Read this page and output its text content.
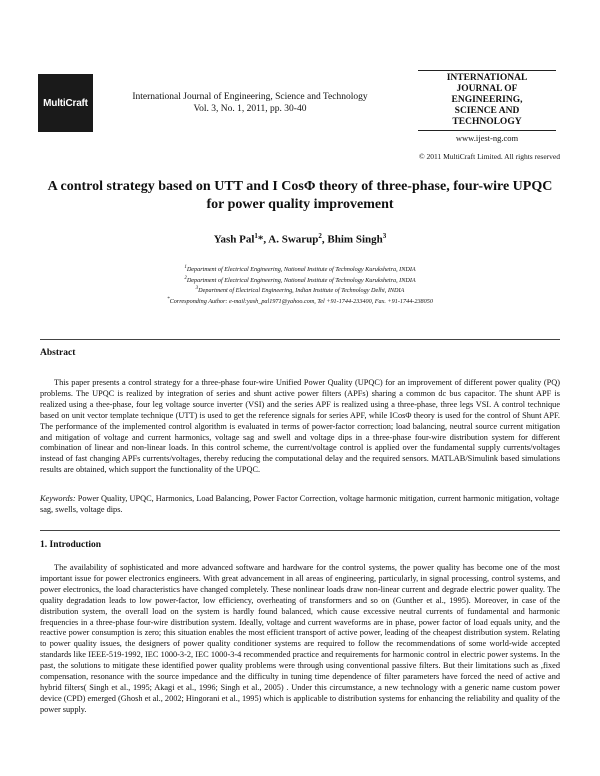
MultiCraft
International Journal of Engineering, Science and Technology
Vol. 3, No. 1, 2011, pp. 30-40
INTERNATIONAL
JOURNAL OF
ENGINEERING,
SCIENCE AND
TECHNOLOGY
www.ijest-ng.com
© 2011 MultiCraft Limited. All rights reserved
A control strategy based on UTT and I CosΦ theory of three-phase, four-wire UPQC for power quality improvement
Yash Pal$^1$*, A. Swarup$^2$, Bhim Singh$^3$
$^1$Department of Electrical Engineering, National Institute of Technology Kurukshetra, INDIA
$^2$Department of Electrical Engineering, National Institute of Technology Kurukshetra, INDIA
$^3$Department of Electrical Engineering, Indian Institute of Technology Delhi, INDIA
*Corresponding Author: e-mail:yash_pal1971@yahoo.com, Tel +91-1744-233400, Fax. +91-1744-238050
Abstract
This paper presents a control strategy for a three-phase four-wire Unified Power Quality (UPQC) for an improvement of different power quality (PQ) problems. The UPQC is realized by integration of series and shunt active power filters (APFs) sharing a common dc bus capacitor. The shunt APF is realized using a thee-phase, four leg voltage source inverter (VSI) and the series APF is realized using a three-phase, three legs VSI. A control technique based on unit vector template technique (UTT) is used to get the reference signals for series APF, while ICosΦ theory is used for the control of Shunt APF. The performance of the implemented control algorithm is evaluated in terms of power-factor correction; load balancing, neutral source current mitigation and mitigation of voltage and current harmonics, voltage sag and swell and voltage dips in a three-phase four-wire distribution system for different combination of linear and non-linear loads. In this control scheme, the current/voltage control is applied over the fundamental supply currents/voltages instead of fast changing APFs currents/voltages, thereby reducing the computational delay and the required sensors. MATLAB/Simulink based simulations results are obtained, which support the functionality of the UPQC.
Keywords: Power Quality, UPQC, Harmonics, Load Balancing, Power Factor Correction, voltage harmonic mitigation, current harmonic mitigation, voltage sag, swells, voltage dips.
1. Introduction
The availability of sophisticated and more advanced software and hardware for the control systems, the power quality has become one of the most important issue for power electronics engineers. With great advancement in all areas of engineering, particularly, in signal processing, control systems, and power electronics, the load characteristics have changed completely. These nonlinear loads draw non-linear current and degrade electric power quality. The quality degradation leads to low power-factor, low efficiency, overheating of transformers and so on (Gunther et al., 1995). Moreover, in case of the distribution system, the overall load on the system is hardly found balanced, which cause excessive neutral currents of fundamental and harmonic frequencies in a three-phase four-wire distribution system. Ideally, voltage and current waveforms are in phase, power factor of load equals unity, and the reactive power consumption is zero; this situation enables the most efficient transport of active power, leading of the cheapest distribution system. Relating to power quality issues, the designers of power quality conditioner systems are required to follow the recommendations of some world-wide accepted standards like IEEE-519-1992, IEC 1000-3-2, IEC 1000-3-4 recommended practice and requirements for harmonic control in electric power systems. In the past, the solutions to mitigate these identified power quality problems were through using conventional passive filters. But their limitations such as ,fixed compensation, resonance with the source impedance and the difficulty in tuning time dependence of filter parameters have forced the need of active and hybrid filters( Singh et al., 1995; Akagi et al., 1996; Singh et al., 2005) . Under this circumstance, a new technology with a generic name custom power device (CPD) emerged (Ghosh et al., 2002; Hingorani et al., 1995) which is applicable to distribution systems for enhancing the reliability and quality of the power supply.
